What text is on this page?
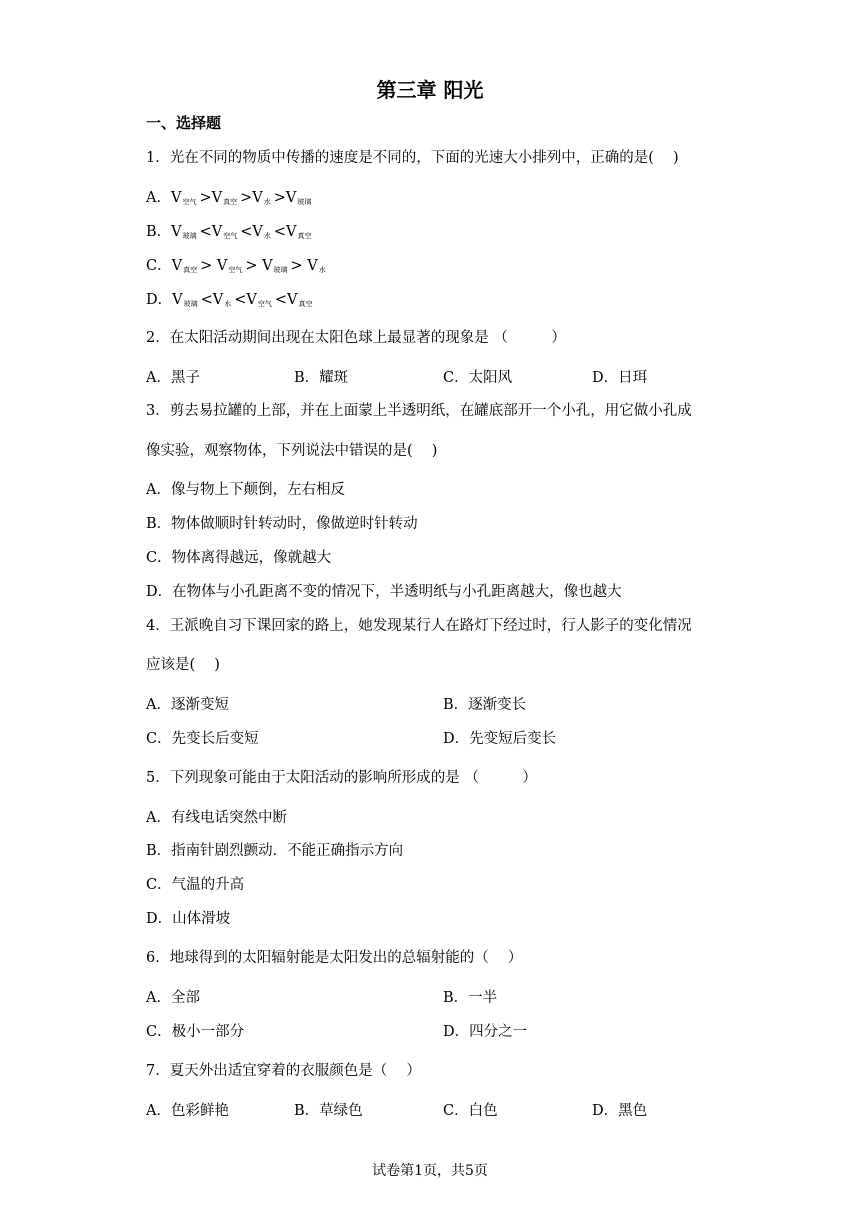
第三章 阳光
一、选择题
1．光在不同的物质中传播的速度是不同的，下面的光速大小排列中，正确的是(　 )
A．$V_{空气} >V_{真空} >V_水 >V_{玻璃}$
B．$V_{玻璃} <V_{空气} <V_水 <V_{真空}$
C．$V_{真空} > V_{空气} > V_{玻璃} > V_水$
D．$V_{玻璃} <V_水 <V_{空气} <V_{真空}$
2．在太阳活动期间出现在太阳色球上最显著的现象是 （　　　）
A．黑子	B．耀斑	C．太阳风	D．日珥
3．剪去易拉罐的上部，并在上面蒙上半透明纸，在罐底部开一个小孔，用它做小孔成
像实验，观察物体，下列说法中错误的是(　 )
A．像与物上下颠倒，左右相反
B．物体做顺时针转动时，像做逆时针转动
C．物体离得越远，像就越大
D．在物体与小孔距离不变的情况下，半透明纸与小孔距离越大，像也越大
4．王派晚自习下课回家的路上，她发现某行人在路灯下经过时，行人影子的变化情况
应该是(　 )
A．逐渐变短	B．逐渐变长
C．先变长后变短	D．先变短后变长
5．下列现象可能由于太阳活动的影响所形成的是 （　　　）
A．有线电话突然中断
B．指南针剧烈颤动．不能正确指示方向
C．气温的升高
D．山体滑坡
6．地球得到的太阳辐射能是太阳发出的总辐射能的（　 ）
A．全部	B．一半
C．极小一部分	D．四分之一
7．夏天外出适宜穿着的衣服颜色是（　 ）
A．色彩鲜艳	B．草绿色	C．白色	D．黑色
试卷第1页，共5页
